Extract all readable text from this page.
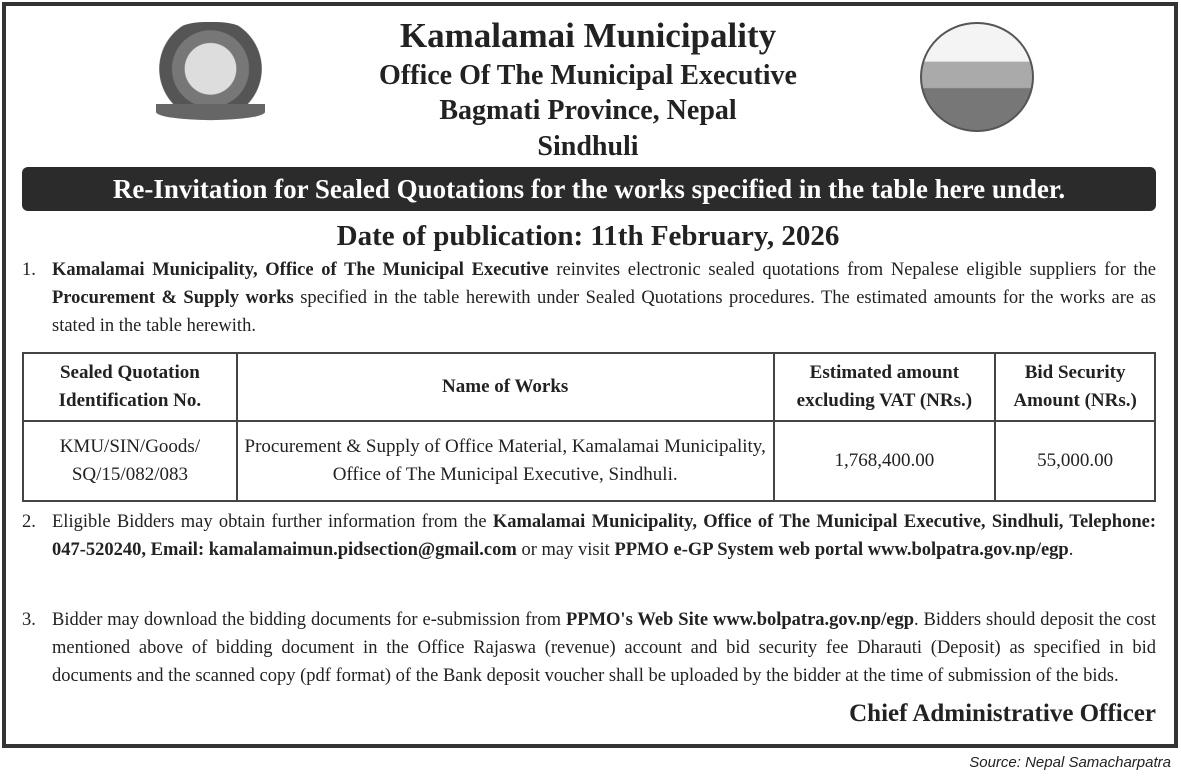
Kamalamai Municipality
Office Of The Municipal Executive
Bagmati Province, Nepal
Sindhuli
Re-Invitation for Sealed Quotations for the works specified in the table here under.
Date of publication: 11th February, 2026
1. Kamalamai Municipality, Office of The Municipal Executive reinvites electronic sealed quotations from Nepalese eligible suppliers for the Procurement & Supply works specified in the table herewith under Sealed Quotations procedures. The estimated amounts for the works are as stated in the table herewith.
Sealed Quotation Identification No.	Name of Works	Estimated amount excluding VAT (NRs.)	Bid Security Amount (NRs.)
KMU/SIN/Goods/ SQ/15/082/083	Procurement & Supply of Office Material, Kamalamai Municipality, Office of The Municipal Executive, Sindhuli.	1,768,400.00	55,000.00
2. Eligible Bidders may obtain further information from the Kamalamai Municipality, Office of The Municipal Executive, Sindhuli, Telephone: 047-520240, Email: kamalamaimun.pidsection@gmail.com or may visit PPMO e-GP System web portal www.bolpatra.gov.np/egp.
3. Bidder may download the bidding documents for e-submission from PPMO's Web Site www.bolpatra.gov.np/egp. Bidders should deposit the cost mentioned above of bidding document in the Office Rajaswa (revenue) account and bid security fee Dharauti (Deposit) as specified in bid documents and the scanned copy (pdf format) of the Bank deposit voucher shall be uploaded by the bidder at the time of submission of the bids.
Chief Administrative Officer
Source: Nepal Samacharpatra
